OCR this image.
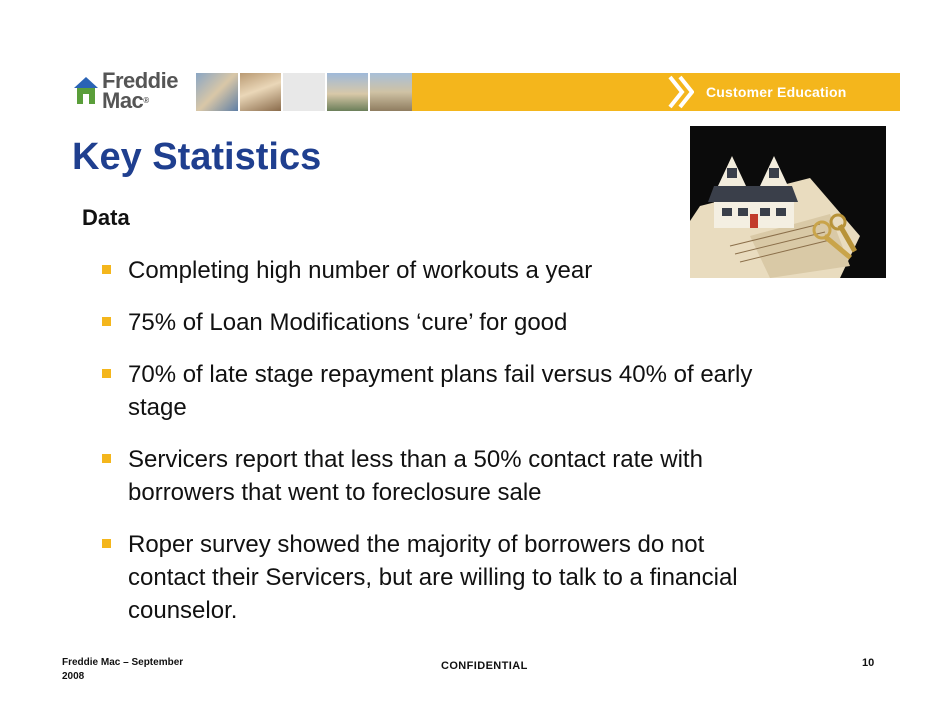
Freddie
Mac®
Customer Education
Key Statistics
Data
Completing high number of workouts a year
75% of Loan Modifications ‘cure’ for good
70% of late stage repayment plans fail versus 40% of early stage
Servicers report that less than a 50% contact rate with borrowers that went to foreclosure sale
Roper survey showed the majority of borrowers do not contact their Servicers, but are willing to talk to a financial counselor.
Freddie Mac – September
2008
CONFIDENTIAL	10
